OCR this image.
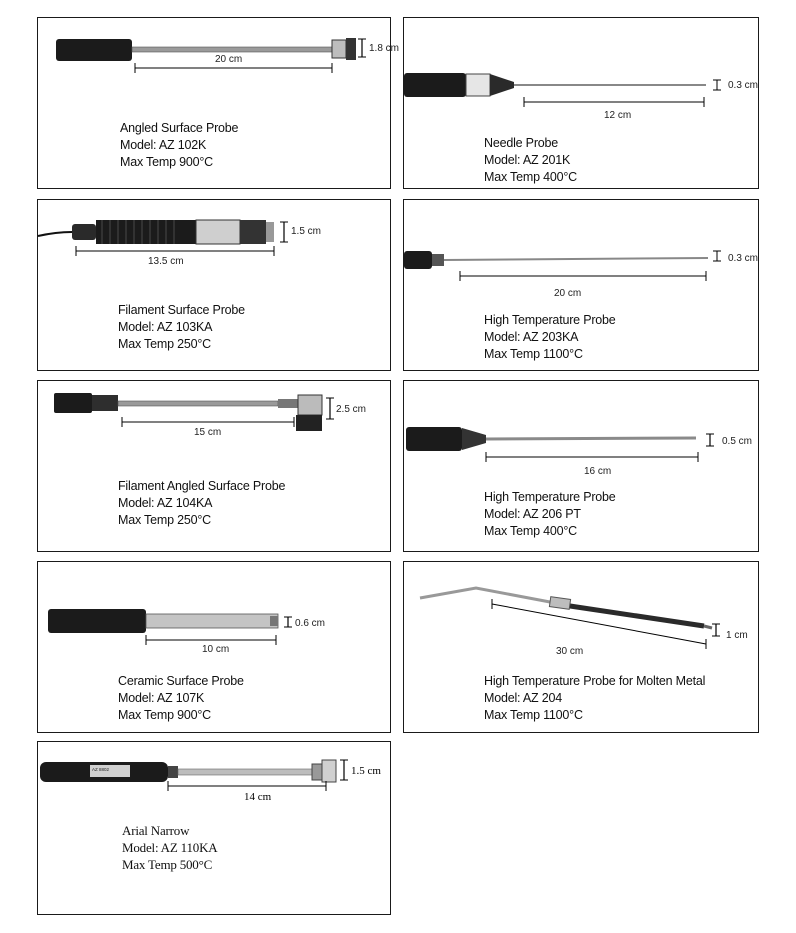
1.8 cm
20 cm
Angled Surface Probe
Model: AZ 102K
Max Temp 900°C
0.3 cm
12 cm
Needle Probe
Model: AZ 201K
Max Temp 400°C
1.5 cm
13.5 cm
Filament Surface Probe
Model: AZ 103KA
Max Temp 250°C
0.3 cm
20 cm
High Temperature Probe
Model: AZ 203KA
Max Temp 1100°C
2.5 cm
15 cm
Filament Angled Surface Probe
Model: AZ 104KA
Max Temp 250°C
0.5 cm
16 cm
High Temperature Probe
Model: AZ 206 PT
Max Temp 400°C
0.6 cm
10 cm
Ceramic Surface Probe
Model: AZ 107K
Max Temp 900°C
1 cm
30 cm
High Temperature Probe for Molten Metal
Model: AZ 204
Max Temp 1100°C
AZ 8802	1.5 cm
14 cm
Arial Narrow
Model: AZ 110KA
Max Temp 500°C
